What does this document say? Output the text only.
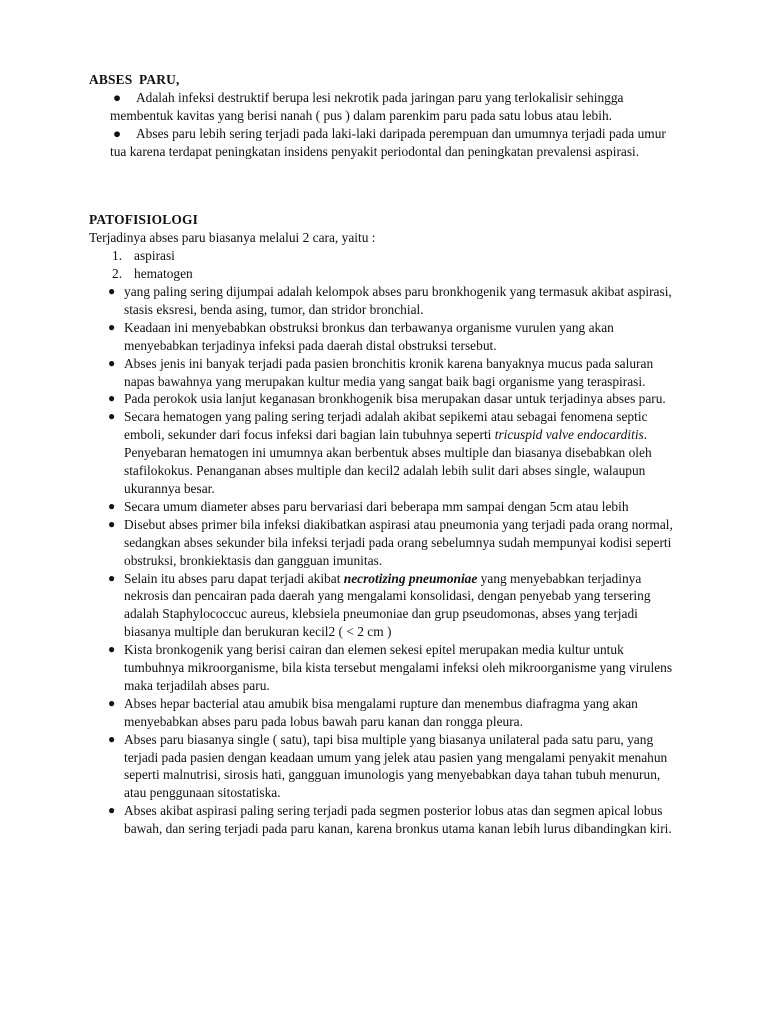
ABSES PARU,
● Adalah infeksi destruktif berupa lesi nekrotik pada jaringan paru yang terlokalisir sehingga membentuk kavitas yang berisi nanah ( pus ) dalam parenkim paru pada satu lobus atau lebih.
● Abses paru lebih sering terjadi pada laki-laki daripada perempuan dan umumnya terjadi pada umur tua karena terdapat peningkatan insidens penyakit periodontal dan peningkatan prevalensi aspirasi.
PATOFISIOLOGI

Terjadinya abses paru biasanya melalui 2 cara, yaitu :

1. aspirasi
2. hematogen
● yang paling sering dijumpai adalah kelompok abses paru bronkhogenik yang termasuk akibat aspirasi, stasis eksresi, benda asing, tumor, dan stridor bronchial.
● Keadaan ini menyebabkan obstruksi bronkus dan terbawanya organisme vurulen yang akan menyebabkan terjadinya infeksi pada daerah distal obstruksi tersebut.
● Abses jenis ini banyak terjadi pada pasien bronchitis kronik karena banyaknya mucus pada saluran napas bawahnya yang merupakan kultur media yang sangat baik bagi organisme yang teraspirasi.
● Pada perokok usia lanjut keganasan bronkhogenik bisa merupakan dasar untuk terjadinya abses paru.
● Secara hematogen yang paling sering terjadi adalah akibat sepikemi atau sebagai fenomena septic emboli, sekunder dari focus infeksi dari bagian lain tubuhnya seperti tricuspid valve endocarditis. Penyebaran hematogen ini umumnya akan berbentuk abses multiple dan biasanya disebabkan oleh stafilokokus. Penanganan abses multiple dan kecil2 adalah lebih sulit dari abses single, walaupun ukurannya besar.
● Secara umum diameter abses paru bervariasi dari beberapa mm sampai dengan 5cm atau lebih
● Disebut abses primer bila infeksi diakibatkan aspirasi atau pneumonia yang terjadi pada orang normal, sedangkan abses sekunder bila infeksi terjadi pada orang sebelumnya sudah mempunyai kodisi seperti obstruksi, bronkiektasis dan gangguan imunitas.
● Selain itu abses paru dapat terjadi akibat necrotizing pneumoniae yang menyebabkan terjadinya nekrosis dan pencairan pada daerah yang mengalami konsolidasi, dengan penyebab yang tersering adalah Staphylococcuc aureus, klebsiela pneumoniae dan grup pseudomonas, abses yang terjadi biasanya multiple dan berukuran kecil2 ( < 2 cm )
● Kista bronkogenik yang berisi cairan dan elemen sekesi epitel merupakan media kultur untuk tumbuhnya mikroorganisme, bila kista tersebut mengalami infeksi oleh mikroorganisme yang virulens maka terjadilah abses paru.
● Abses hepar bacterial atau amubik bisa mengalami rupture dan menembus diafragma yang akan menyebabkan abses paru pada lobus bawah paru kanan dan rongga pleura.
● Abses paru biasanya single ( satu), tapi bisa multiple yang biasanya unilateral pada satu paru, yang terjadi pada pasien dengan keadaan umum yang jelek atau pasien yang mengalami penyakit menahun seperti malnutrisi, sirosis hati, gangguan imunologis yang menyebabkan daya tahan tubuh menurun, atau penggunaan sitostatiska.
● Abses akibat aspirasi paling sering terjadi pada segmen posterior lobus atas dan segmen apical lobus bawah, dan sering terjadi pada paru kanan, karena bronkus utama kanan lebih lurus dibandingkan kiri.
